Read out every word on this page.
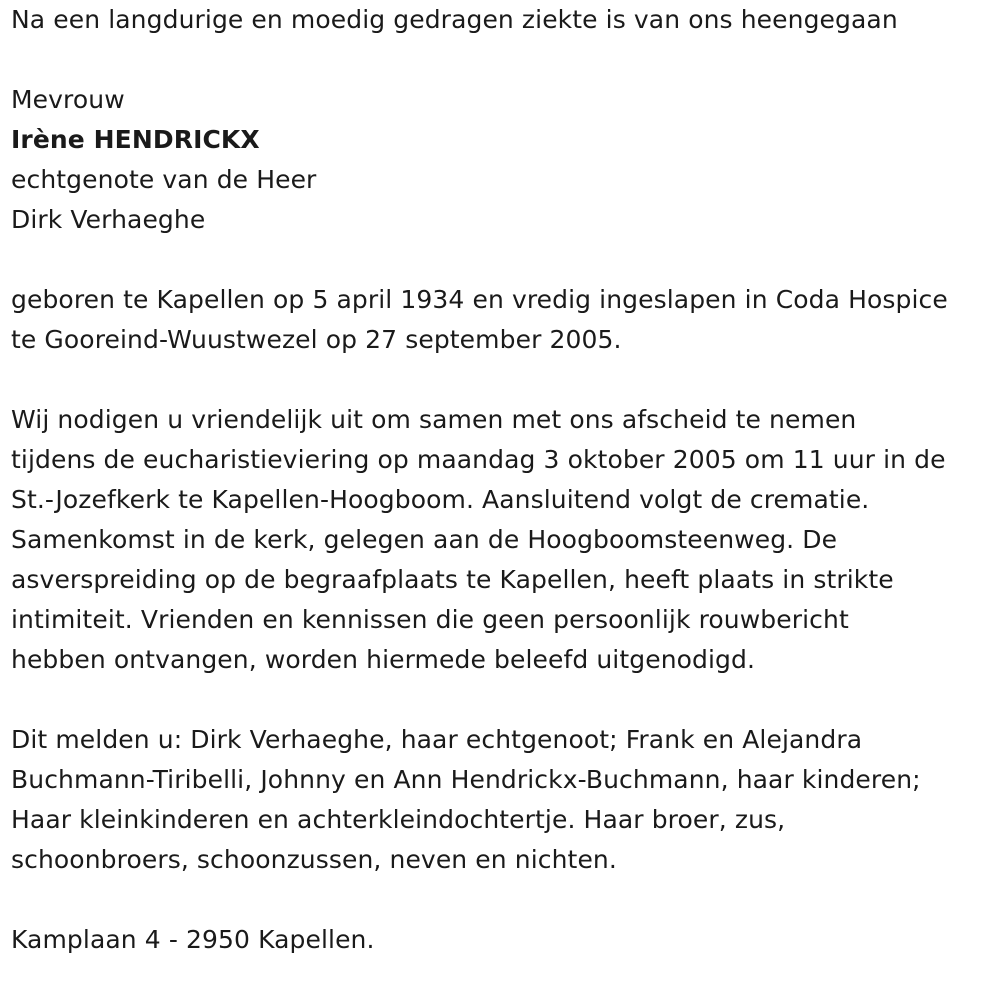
Na een langdurige en moedig gedragen ziekte is van ons heengegaan
Mevrouw
Irène HENDRICKX
echtgenote van de Heer
Dirk Verhaeghe
geboren te Kapellen op 5 april 1934 en vredig ingeslapen in Coda Hospice
te Gooreind-Wuustwezel op 27 september 2005.
Wij nodigen u vriendelijk uit om samen met ons afscheid te nemen
tijdens de eucharistieviering op maandag 3 oktober 2005 om 11 uur in de
St.-Jozefkerk te Kapellen-Hoogboom. Aansluitend volgt de crematie.
Samenkomst in de kerk, gelegen aan de Hoogboomsteenweg. De
asverspreiding op de begraafplaats te Kapellen, heeft plaats in strikte
intimiteit. Vrienden en kennissen die geen persoonlijk rouwbericht
hebben ontvangen, worden hiermede beleefd uitgenodigd.
Dit melden u: Dirk Verhaeghe, haar echtgenoot; Frank en Alejandra
Buchmann-Tiribelli, Johnny en Ann Hendrickx-Buchmann, haar kinderen;
Haar kleinkinderen en achterkleindochtertje. Haar broer, zus,
schoonbroers, schoonzussen, neven en nichten.
Kamplaan 4 - 2950 Kapellen.
